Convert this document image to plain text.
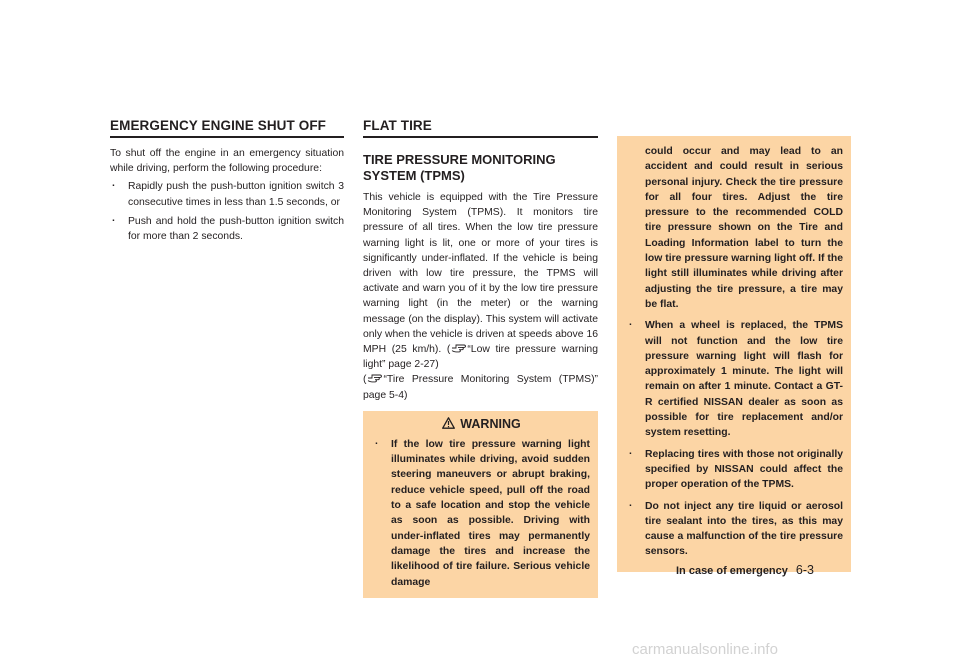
EMERGENCY ENGINE SHUT OFF

To shut off the engine in an emergency situation while driving, perform the following procedure:

. Rapidly push the push-button ignition switch 3 consecutive times in less than 1.5 seconds, or
. Push and hold the push-button ignition switch for more than 2 seconds.
FLAT TIRE
TIRE PRESSURE MONITORING SYSTEM (TPMS)

This vehicle is equipped with the Tire Pressure Monitoring System (TPMS). It monitors tire pressure of all tires. When the low tire pressure warning light is lit, one or more of your tires is significantly under-inflated. If the vehicle is being driven with low tire pressure, the TPMS will activate and warn you of it by the low tire pressure warning light (in the meter) or the warning message (on the display). This system will activate only when the vehicle is driven at speeds above 16 MPH (25 km/h). ( “Low tire pressure warning light” page 2-27)
( “Tire Pressure Monitoring System (TPMS)” page 5-4)

WARNING
. If the low tire pressure warning light illuminates while driving, avoid sudden steering maneuvers or abrupt braking, reduce vehicle speed, pull off the road to a safe location and stop the vehicle as soon as possible. Driving with under-inflated tires may permanently damage the tires and increase the likelihood of tire failure. Serious vehicle damage

could occur and may lead to an accident and could result in serious personal injury. Check the tire pressure for all four tires. Adjust the tire pressure to the recommended COLD tire pressure shown on the Tire and Loading Information label to turn the low tire pressure warning light off. If the light still illuminates while driving after adjusting the tire pressure, a tire may be flat.

. When a wheel is replaced, the TPMS will not function and the low tire pressure warning light will flash for approximately 1 minute. The light will remain on after 1 minute. Contact a GT-R certified NISSAN dealer as soon as possible for tire replacement and/or system resetting.
. Replacing tires with those not originally specified by NISSAN could affect the proper operation of the TPMS.
. Do not inject any tire liquid or aerosol tire sealant into the tires, as this may cause a malfunction of the tire pressure sensors.
In case of emergency 6-3
carmanualsonline.info
